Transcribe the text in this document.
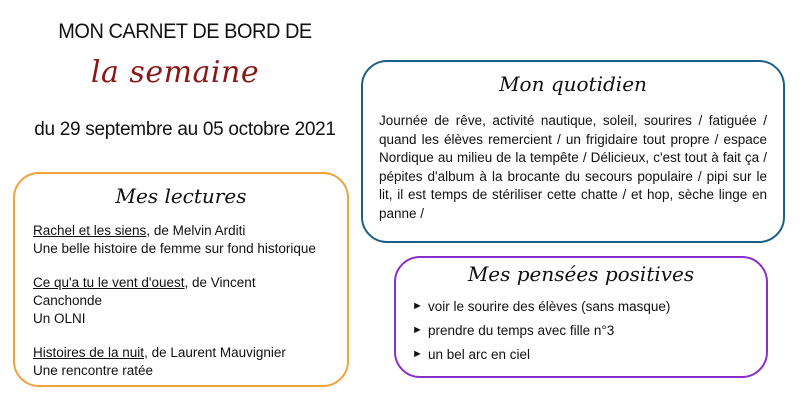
MON CARNET DE BORD DE
la semaine
du 29 septembre au 05 octobre 2021
Mon quotidien
Journée de rêve, activité nautique, soleil, sourires / fatiguée / quand les élèves remercient / un frigidaire tout propre / espace Nordique au milieu de la tempête / Délicieux, c'est tout à fait ça / pépites d'album à la brocante du secours populaire / pipi sur le lit, il est temps de stériliser cette chatte / et hop, sèche linge en panne /
Mes lectures
Rachel et les siens, de Melvin Arditi
Une belle histoire de femme sur fond historique
Ce qu'a tu le vent d'ouest, de Vincent Canchonde
Un OLNI
Histoires de la nuit, de Laurent Mauvignier
Une rencontre ratée
Mes pensées positives
► voir le sourire des élèves (sans masque)
► prendre du temps avec fille n°3
► un bel arc en ciel
